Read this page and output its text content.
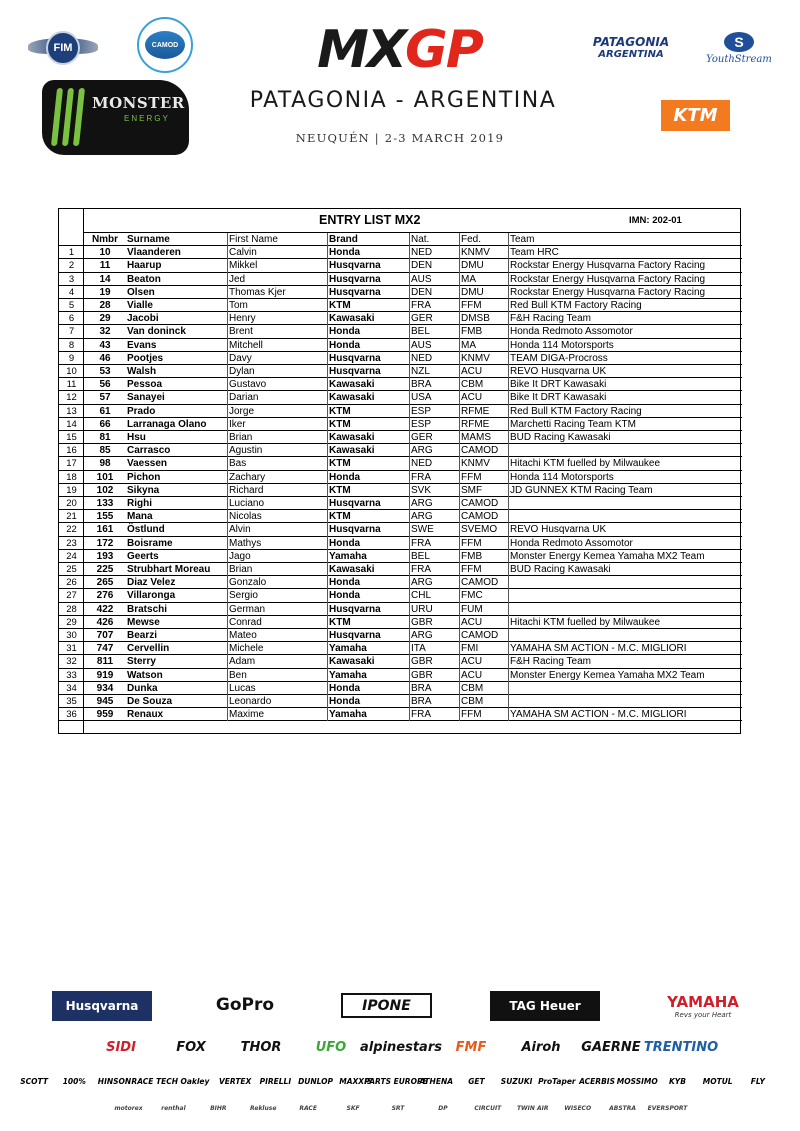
FIM	CAMOD	MXGP	PATAGONIA
ARGENTINA
S
YouthStream
MONSTER
ENERGY	KTM
PATAGONIA - ARGENTINA
NEUQUÉN | 2-3 MARCH 2019
ENTRY LIST MX2	IMN: 202-01
Nmbr Surname	First Name	Brand	Nat.	Fed.	Team
1	10	Vlaanderen	Calvin	Honda	NED	KNMV	Team HRC
2	11	Haarup	Mikkel	Husqvarna	DEN	DMU	Rockstar Energy Husqvarna Factory Racing
3	14	Beaton	Jed	Husqvarna	AUS	MA	Rockstar Energy Husqvarna Factory Racing
4	19	Olsen	Thomas Kjer	Husqvarna	DEN	DMU	Rockstar Energy Husqvarna Factory Racing
5	28	Vialle	Tom	KTM	FRA	FFM	Red Bull KTM Factory Racing
6	29	Jacobi	Henry	Kawasaki	GER	DMSB	F&H Racing Team
7	32	Van doninck	Brent	Honda	BEL	FMB	Honda Redmoto Assomotor
8	43	Evans	Mitchell	Honda	AUS	MA	Honda 114 Motorsports
9	46	Pootjes	Davy	Husqvarna	NED	KNMV	TEAM DIGA-Procross
10	53	Walsh	Dylan	Husqvarna	NZL	ACU	REVO Husqvarna UK
11	56	Pessoa	Gustavo	Kawasaki	BRA	CBM	Bike It DRT Kawasaki
12	57	Sanayei	Darian	Kawasaki	USA	ACU	Bike It DRT Kawasaki
13	61	Prado	Jorge	KTM	ESP	RFME	Red Bull KTM Factory Racing
14	66	Larranaga Olano	Iker	KTM	ESP	RFME	Marchetti Racing Team KTM
15	81	Hsu	Brian	Kawasaki	GER	MAMS	BUD Racing Kawasaki
16	85	Carrasco	Agustin	Kawasaki	ARG	CAMOD
17	98	Vaessen	Bas	KTM	NED	KNMV	Hitachi KTM fuelled by Milwaukee
18	101	Pichon	Zachary	Honda	FRA	FFM	Honda 114 Motorsports
19	102	Sikyna	Richard	KTM	SVK	SMF	JD GUNNEX KTM Racing Team
20	133	Righi	Luciano	Husqvarna	ARG	CAMOD
21	155	Mana	Nicolas	KTM	ARG	CAMOD
22	161	Östlund	Alvin	Husqvarna	SWE	SVEMO	REVO Husqvarna UK
23	172	Boisrame	Mathys	Honda	FRA	FFM	Honda Redmoto Assomotor
24	193	Geerts	Jago	Yamaha	BEL	FMB	Monster Energy Kemea Yamaha MX2 Team
25	225	Strubhart Moreau	Brian	Kawasaki	FRA	FFM	BUD Racing Kawasaki
26	265	Diaz Velez	Gonzalo	Honda	ARG	CAMOD
27	276	Villaronga	Sergio	Honda	CHL	FMC
28	422	Bratschi	German	Husqvarna	URU	FUM
29	426	Mewse	Conrad	KTM	GBR	ACU	Hitachi KTM fuelled by Milwaukee
30	707	Bearzi	Mateo	Husqvarna	ARG	CAMOD
31	747	Cervellin	Michele	Yamaha	ITA	FMI	YAMAHA SM ACTION - M.C. MIGLIORI
32	811	Sterry	Adam	Kawasaki	GBR	ACU	F&H Racing Team
33	919	Watson	Ben	Yamaha	GBR	ACU	Monster Energy Kemea Yamaha MX2 Team
34	934	Dunka	Lucas	Honda	BRA	CBM
35	945	De Souza	Leonardo	Honda	BRA	CBM
36	959	Renaux	Maxime	Yamaha	FRA	FFM	YAMAHA SM ACTION - M.C. MIGLIORI
Husqvarna	GoPro	IPONE	TAG Heuer	YAMAHA
Revs your Heart
SIDI	FOX	THOR	UFO	alpinestars	FMF	Airoh	GAERNE TRENTINO
SCOTT	100%	HINSON RACE TECH Oakley	VERTEX	PIRELLI DUNLOP MAXXIS
PARTS EUROPE
ATHENA	GET	SUZUKI ProTaper ACERBIS MOSSIMO	KYB	MOTUL	FLY
motorex	renthal	BIHR	Rekluse	RACE	SKF	SRT	DP	CIRCUIT	TWIN AIR	WISECO	ABSTRA	EVERSPORT
